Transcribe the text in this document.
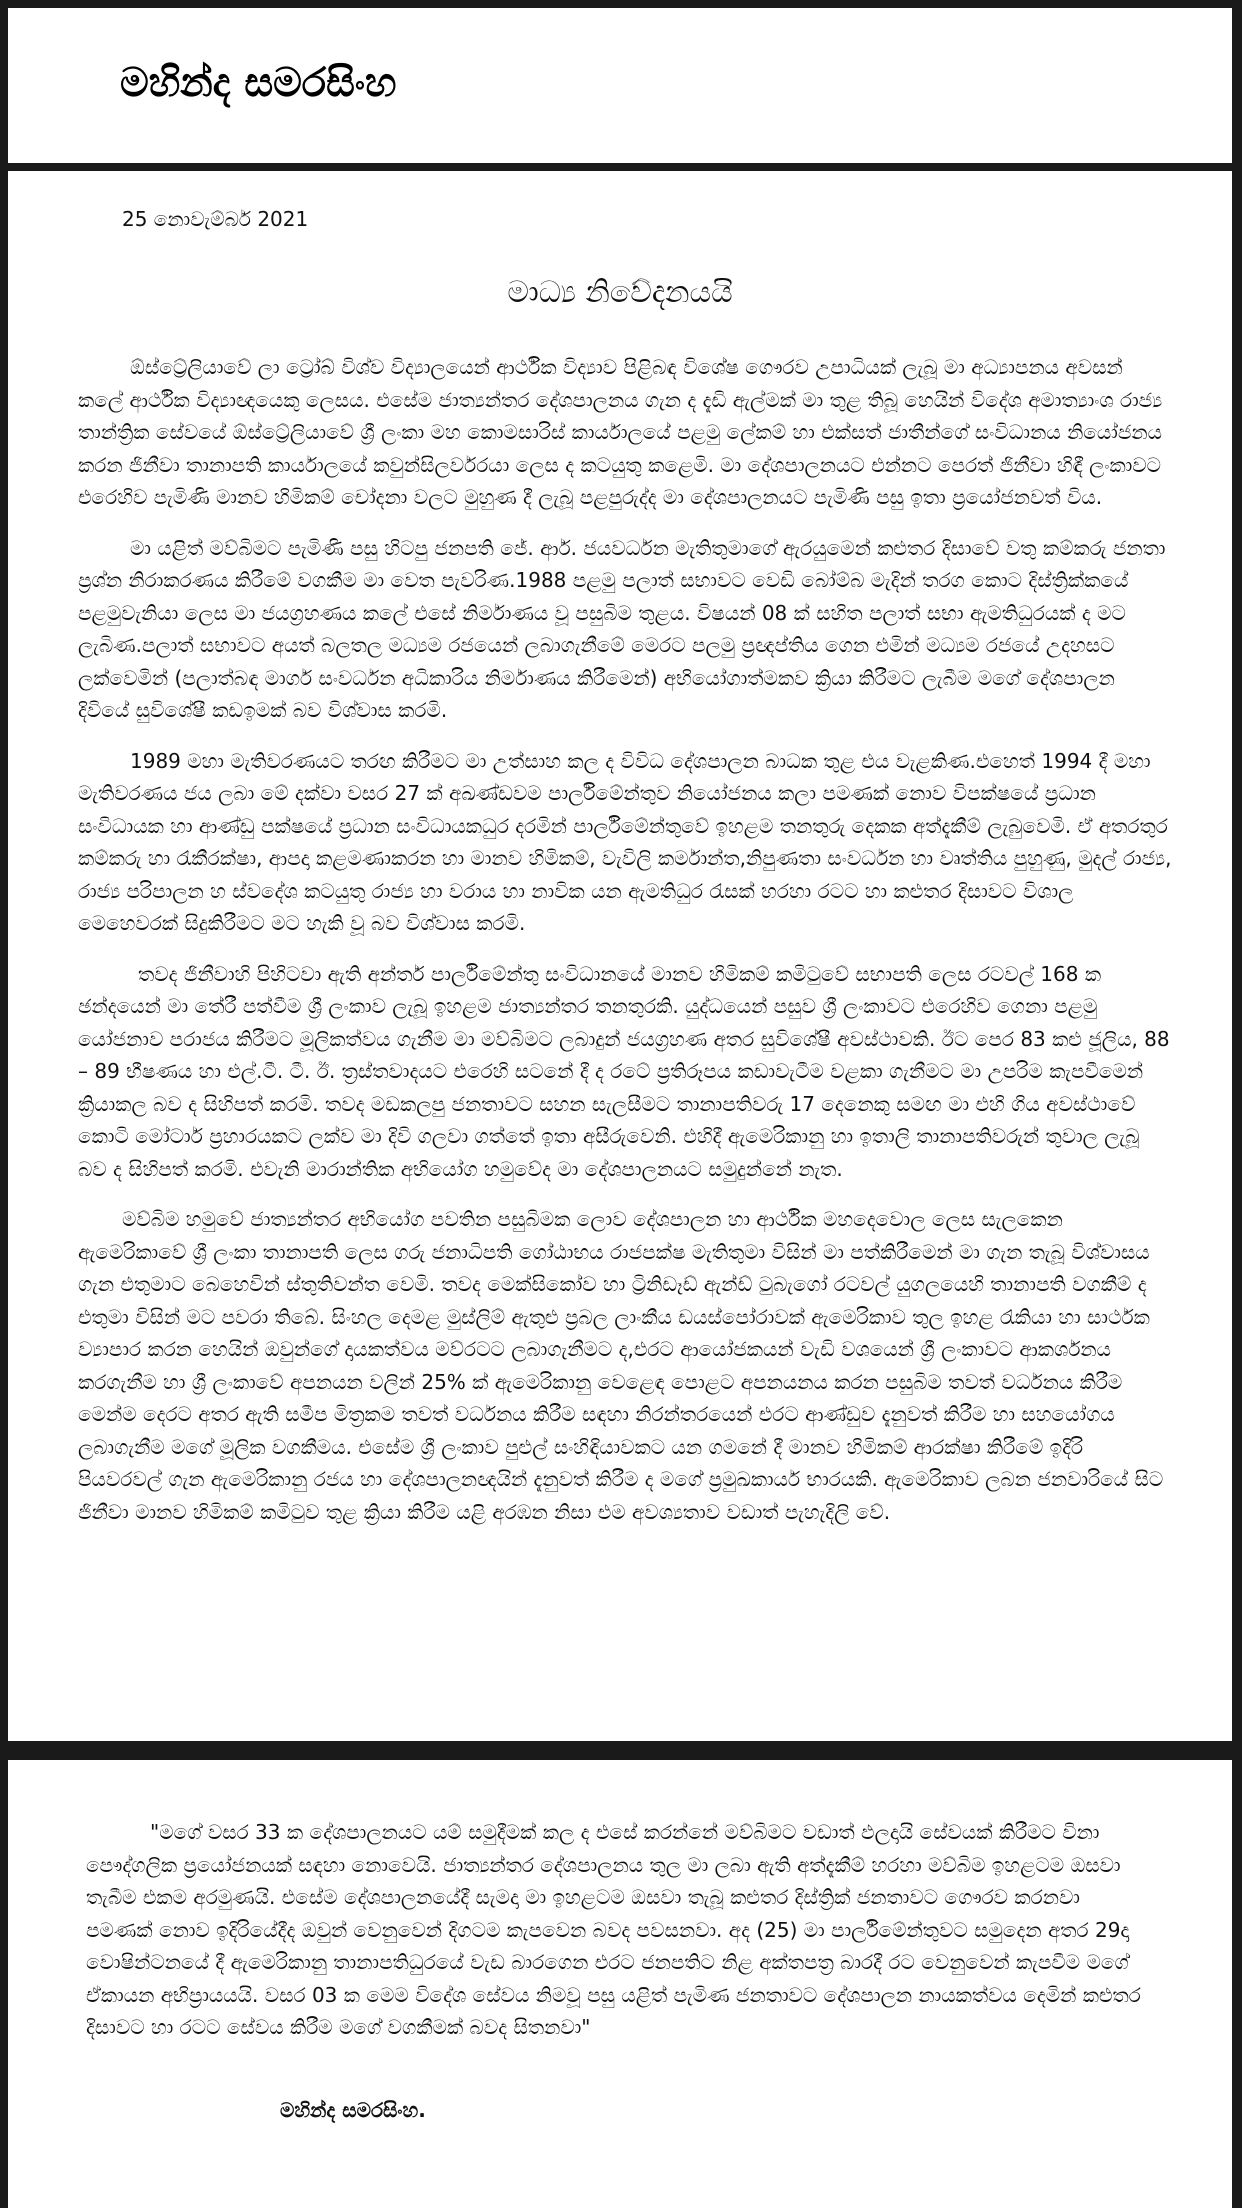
මහින්ද සමරසිංහ

25 නොවැම්බර් 2021

මාධ්‍ය නිවේදනයයි

ඕස්ට්‍රේලියාවේ ලා ට්‍රෝබ් විශ්ව විද්‍යාලයෙන් ආර්ථික විද්‍යාව පිළිබඳ විශේෂ ගෞරව උපාධියක් ලැබූ මා අධ්‍යාපනය අවසන් කලේ ආර්ථික විද්‍යාඥයෙකු ලෙසය. එසේම ජාත්‍යන්තර දේශපාලනය ගැන ද දැඩි ඇල්මක් මා තුළ තිබූ හෙයින් විදේශ අමාත්‍යාංශ රාජ්‍ය තාන්ත්‍රික සේවයේ ඕස්ට්‍රේලියාවේ ශ්‍රී ලංකා මහ කොමසාරිස් කාර්යාලයේ පළමු ලේකම් හා එක්සත් ජාතීන්ගේ සංවිධානය නියෝජනය කරන ජිනීවා තානාපති කාර්යාලයේ කවුන්සිලර්වරයා ලෙස ද කටයුතු කළෙමි. මා දේශපාලනයට එන්නට පෙරත් ජිනීවා හිඳී ලංකාවට එරෙහිව පැමිණි මානව හිමිකම් චෝදනා වලට මුහුණ දී ලැබූ පළපුරුද්ද මා දේශපාලනයට පැමිණි පසු ඉතා ප්‍රයෝජනවත් විය.

මා යළිත් මව්බිමට පැමිණි පසු හිටපු ජනපති ජේ. ආර්. ජයවර්ධන මැතිතුමාගේ ඇරයුමෙන් කළුතර දිසාවේ වතු කම්කරු ජනතා ප්‍රශ්න නිරාකරණය කිරීමේ වගකීම මා වෙත පැවරිණ.1988 පළමු පලාත් සභාවට වෙඩි බෝම්බ මැදින් තරග කොට දිස්ත්‍රික්කයේ පළමුවැනියා ලෙස මා ජයග්‍රහණය කලේ එසේ නිර්මාණය වූ පසුබිම තුළය. විෂයන් 08 ක් සහිත පලාත් සභා ඇමතිධුරයක් ද මට ලැබිණ.පලාත් සභාවට අයත් බලතල මධ්‍යම රජයෙන් ලබාගැනීමේ මෙරට පලමු ප්‍රඥප්තිය ගෙන එමින් මධ්‍යම රජයේ උදහසට ලක්වෙමින් (පලාත්බඳ මාර්ග සංවර්ධන අධිකාරිය නිර්මාණය කිරීමෙන්) අභියෝගාත්මකව ක්‍රියා කිරීමට ලැබීම මගේ දේශපාලන දිවියේ සුවිශේෂී කඩඉමක් බව විශ්වාස කරමි.

1989 මහා මැතිවරණයට තරඟ කිරීමට මා උත්සාහ කල ද විවිධ දේශපාලන බාධක තුළ එය වැළකිණ.එහෙත් 1994 දී මහා මැතිවරණය ජය ලබා මේ දක්වා වසර 27 ක් අඛණ්ඩවම පාර්ලිමේන්තුව නියෝජනය කලා පමණක් නොව විපක්ෂයේ ප්‍රධාන සංවිධායක හා ආණ්ඩු පක්ෂයේ ප්‍රධාන සංවිධායකධුර දරමින් පාර්ලිමේන්තුවේ ඉහළම තනතුරු දෙකක අත්දැකීම් ලැබුවෙමි. ඒ අතරතුර කම්කරු හා රැකීරක්ෂා, ආපදා කළමණාකරන හා මානව හිමිකම්, වැවිලි කර්මාන්ත,නිපුණතා සංවර්ධන හා වෘත්තිය පුහුණු, මුදල් රාජ්‍ය, රාජ්‍ය පරිපාලන හ ස්වදේශ කටයුතු රාජ්‍ය හා වරාය හා නාවික යන ඇමතිධුර රැසක් හරහා රටට හා කළුතර දිසාවට විශාල මෙහෙවරක් සිදුකිරීමට මට හැකි වූ බව විශ්වාස කරමි.

තවද ජිනීවාහි පිහිටවා ඇති අන්තර් පාර්ලිමේන්තු සංවිධානයේ මානව හිමිකම් කමිටුවේ සභාපති ලෙස රටවල් 168 ක ඡන්දයෙන් මා තේරී පත්වීම ශ්‍රී ලංකාව ලැබූ ඉහළම ජාත්‍යන්තර තනතුරකි. යුද්ධයෙන් පසුව ශ්‍රී ලංකාවට එරෙහිව ගෙනා පළමු යෝජනාව පරාජය කිරීමට මූලිකත්වය ගැනීම මා මව්බිමට ලබාදුන් ජයග්‍රහණ අතර සුවිශේෂී අවස්ථාවකි. ඊට පෙර 83 කළු ජූලිය, 88 – 89 භීෂණය හා එල්.ටී. ටී. ඊ. ත්‍රස්තවාදයට එරෙහි සටනේ දී ද රටේ ප්‍රතිරූපය කඩාවැටීම වළකා ගැනීමට මා උපරිම කැපවීමෙන් ක්‍රියාකල බව ද සිහිපත් කරමි. තවද මඩකලපු ජනතාවට සහන සැලසීමට තානාපතිවරු 17 දෙනෙකු සමඟ මා එහි ගිය අවස්ථාවේ කොටි මෝටාර් ප්‍රහාරයකට ලක්ව මා දිවි ගලවා ගත්තේ ඉතා අසීරුවෙනි. එහිදී ඇමෙරිකානු හා ඉතාලි තානාපතිවරුන් තුවාල ලැබූ බව ද සිහිපත් කරමි. එවැනි මාරාන්තික අභියෝග හමුවේද මා දේශපාලනයට සමුදුන්නේ නැත.

මව්බිම හමුවේ ජාත්‍යන්තර අභියෝග පවතින පසුබිමක ලොව දේශපාලන හා ආර්ථික මහදෙවොල ලෙස සැලකෙන ඇමෙරිකාවේ ශ්‍රී ලංකා තානාපති ලෙස ගරු ජනාධිපති ගෝඨාභය රාජපක්ෂ මැතිතුමා විසින් මා පත්කිරීමෙන් මා ගැන තැබූ විශ්වාසය ගැන එතුමාට බෙහෙවින් ස්තුතිවන්ත වෙමි. තවද මෙක්සිකෝව හා ට්‍රිනිඩෑඩ් ඇන්ඩ් ටුබැගෝ රටවල් යුගලයෙහි තානාපති වගකීම් ද එතුමා විසින් මට පවරා තිබේ. සිංහල දෙමළ මුස්ලිම් ඇතුළු ප්‍රබල ලාංකීය ඩයස්පෝරාවක් ඇමෙරිකාව තුල ඉහළ රැකියා හා සාර්ථක ව්‍යාපාර කරන හෙයින් ඔවුන්ගේ දායකත්වය මව්රටට ලබාගැනීමට ද,එරට ආයෝජකයන් වැඩි වශයෙන් ශ්‍රී ලංකාවට ආකර්ශනය කරගැනීම හා ශ්‍රී ලංකාවේ අපනයන වලින් 25% ක් ඇමෙරිකානු වෙළෙඳ පොළට අපනයනය කරන පසුබිම තවත් වර්ධනය කිරීම මෙන්ම දෙරට අතර ඇති සමීප මිත්‍රකම තවත් වර්ධනය කිරීම සඳහා නිරන්තරයෙන් එරට ආණ්ඩුව දැනුවත් කිරීම හා සහයෝගය ලබාගැනීම මගේ මූලික වගකීමය. එසේම ශ්‍රී ලංකාව පුළුල් සංහිඳියාවකට යන ගමනේ දී මානව හිමිකම් ආරක්ෂා කිරීමේ ඉදිරි පියවරවල් ගැන ඇමෙරිකානු රජය හා දේශපාලනඥයින් දැනුවත් කිරීම ද මගේ ප්‍රමුඛකාර්ය භාරයකි. ඇමෙරිකාව ලබන ජනවාරියේ සිට ජිනීවා මානව හිමිකම් කමිටුව තුළ ක්‍රියා කිරීම යළි අරඹන නිසා එම අවශ්‍යතාව වඩාත් පැහැදිලි වේ.

"මගේ වසර 33 ක දේශපාලනයට යම් සමුදීමක් කල ද එසේ කරන්නේ මව්බිමට වඩාත් ඵලදායි සේවයක් කිරීමට විනා පෞද්ගලික ප්‍රයෝජනයක් සඳහා නොවෙයි. ජාත්‍යන්තර දේශපාලනය තුල මා ලබා ඇති අත්දැකීම් හරහා මව්බිම ඉහළටම ඔසවා තැබීම එකම අරමුණයි. එසේම දේශපාලනයේදී සැමදා මා ඉහළටම ඔසවා තැබූ කළුතර දිස්ත්‍රික් ජනතාවට ගෞරව කරනවා පමණක් නොව ඉදිරියේදීද ඔවුන් වෙනුවෙන් දිගටම කැපවෙන බවද පවසනවා. අද (25) මා පාර්ලිමේන්තුවට සමුදෙන අතර 29දා වොෂින්ටනයේ දී ඇමෙරිකානු තානාපතිධුරයේ වැඩ බාරගෙන එරට ජනපතිට නිළ අක්තපත්‍ර බාරදී රට වෙනුවෙන් කැපවීම මගේ ඒකායන අභිප්‍රායයයි. වසර 03 ක මෙම විදේශ සේවය නිමවූ පසු යළිත් පැමිණ ජනතාවට දේශපාලන නායකත්වය දෙමින් කළුතර දිසාවට හා රටට සේවය කිරීම මගේ වගකීමක් බවද සිතනවා"

මහින්ද සමරසිංහ.
